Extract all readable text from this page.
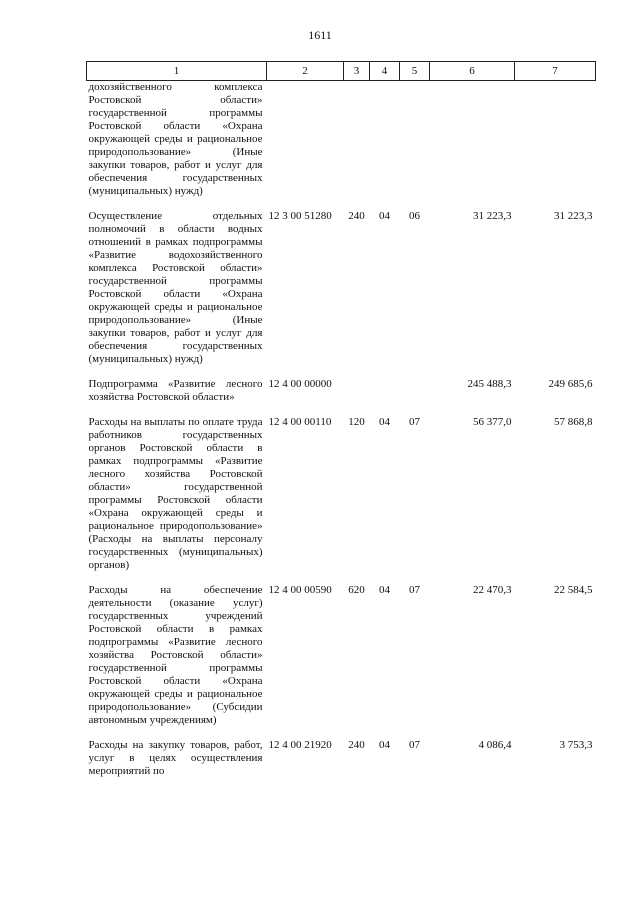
1611
1	2	3	4	5	6	7
дохозяйственного комплекса Ростовской области» государственной программы Ростовской области «Охрана окружающей среды и рациональное природопользование» (Иные закупки товаров, работ и услуг для обеспечения государственных (муниципальных) нужд)						

Осуществление отдельных полномочий в области водных отношений в рамках подпрограммы «Развитие водохозяйственного комплекса Ростовской области» государственной программы Ростовской области «Охрана окружающей среды и рациональное природопользование» (Иные закупки товаров, работ и услуг для обеспечения государственных (муниципальных) нужд)	12 3 00 51280	240	04	06	31 223,3	31 223,3

Подпрограмма «Развитие лесного хозяйства Ростовской области»	12 4 00 00000				245 488,3	249 685,6

Расходы на выплаты по оплате труда работников государственных органов Ростовской области в рамках подпрограммы «Развитие лесного хозяйства Ростовской области» государственной программы Ростовской области «Охрана окружающей среды и рациональное природопользование» (Расходы на выплаты персоналу государственных (муниципальных) органов)	12 4 00 00110	120	04	07	56 377,0	57 868,8

Расходы на обеспечение деятельности (оказание услуг) государственных учреждений Ростовской области в рамках подпрограммы «Развитие лесного хозяйства Ростовской области» государственной программы Ростовской области «Охрана окружающей среды и рациональное природопользование» (Субсидии автономным учреждениям)	12 4 00 00590	620	04	07	22 470,3	22 584,5

Расходы на закупку товаров, работ, услуг в целях осуществления мероприятий по	12 4 00 21920	240	04	07	4 086,4	3 753,3
